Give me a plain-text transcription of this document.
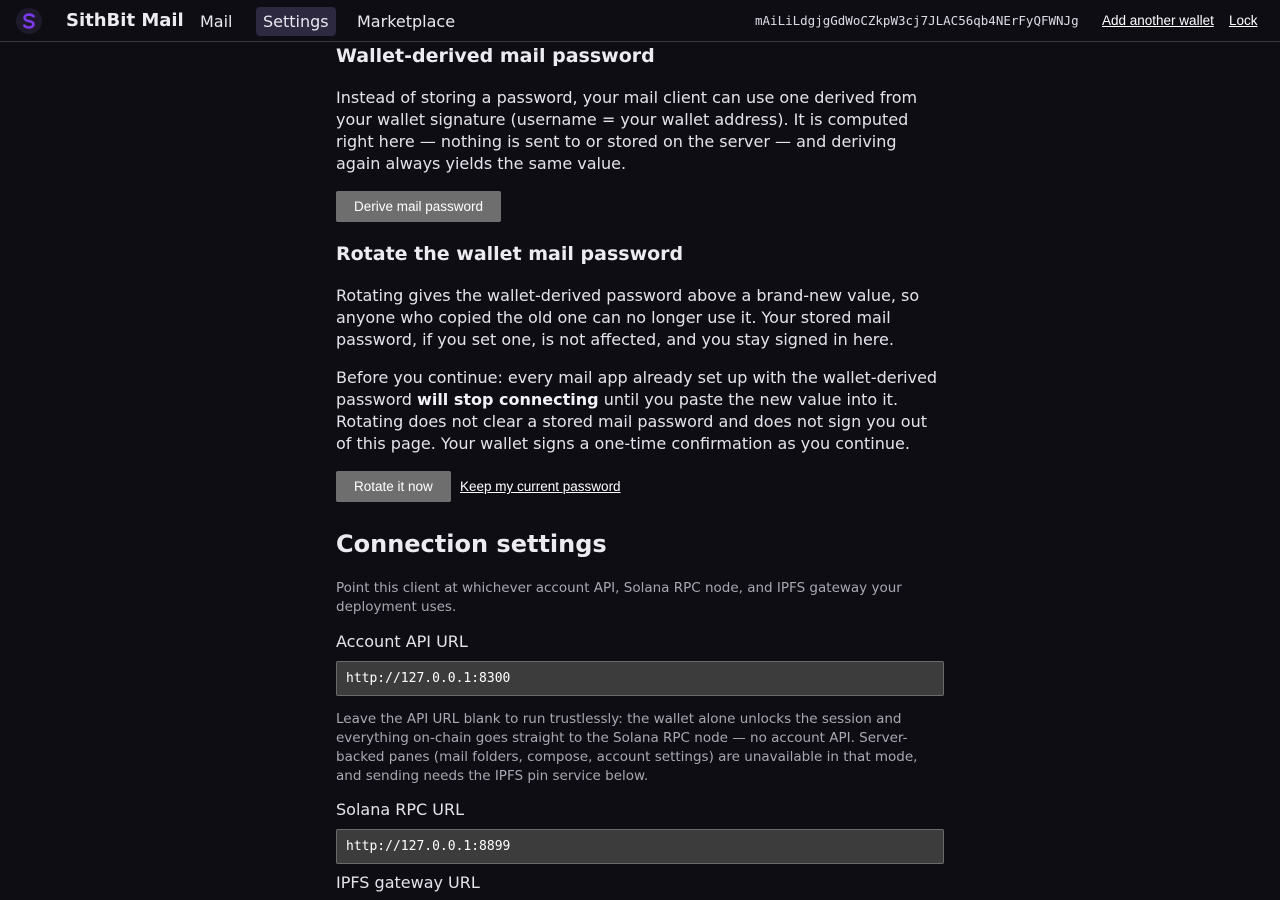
SithBit Mail	Mail	Settings	Marketplace	mAiLiLdgjgGdWoCZkpW3cj7JLAC56qb4NErFyQFWNJg Add another wallet Lock
Wallet-derived mail password

Instead of storing a password, your mail client can use one derived from your wallet signature (username = your wallet address). It is computed right here — nothing is sent to or stored on the server — and deriving again always yields the same value.

Derive mail password
Rotate the wallet mail password

Rotating gives the wallet-derived password above a brand-new value, so anyone who copied the old one can no longer use it. Your stored mail password, if you set one, is not affected, and you stay signed in here.

Before you continue: every mail app already set up with the wallet-derived password will stop connecting until you paste the new value into it. Rotating does not clear a stored mail password and does not sign you out of this page. Your wallet signs a one-time confirmation as you continue.

Rotate it now	Keep my current password
Connection settings

Point this client at whichever account API, Solana RPC node, and IPFS gateway your deployment uses.

Account API URL
http://127.0.0.1:8300

Leave the API URL blank to run trustlessly: the wallet alone unlocks the session and everything on-chain goes straight to the Solana RPC node — no account API. Server-backed panes (mail folders, compose, account settings) are unavailable in that mode, and sending needs the IPFS pin service below.

Solana RPC URL
http://127.0.0.1:8899
IPFS gateway URL
